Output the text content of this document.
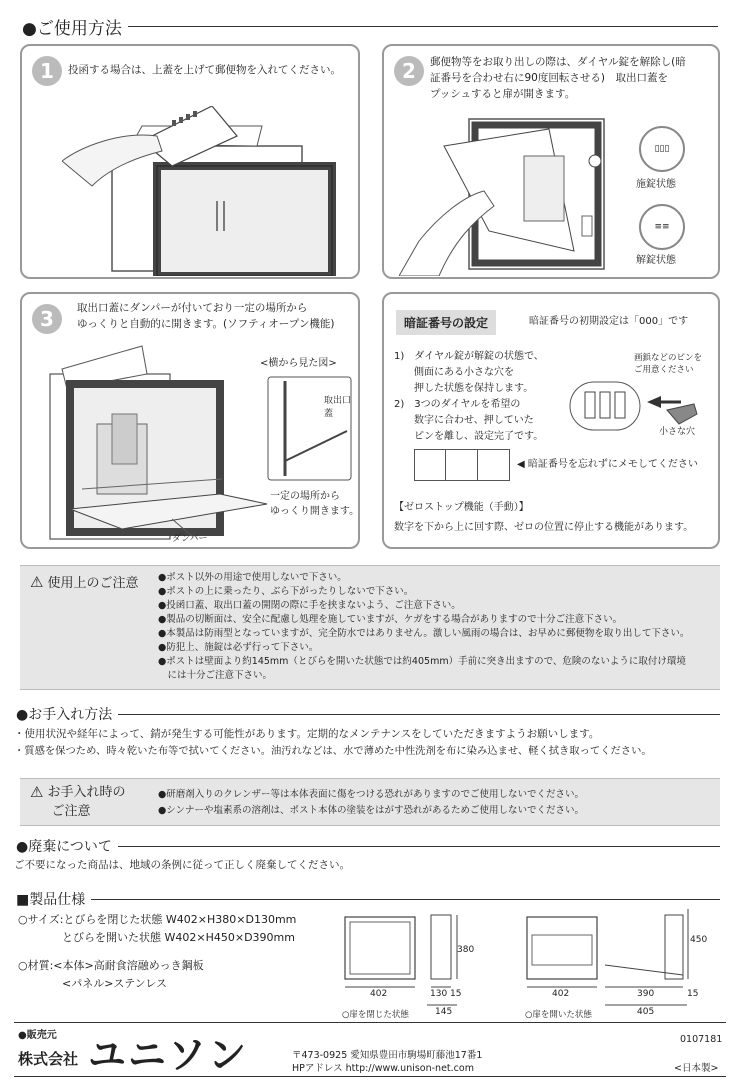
●ご使用方法
1	投函する場合は、上蓋を上げて郵便物を入れてください。	2	郵便物等をお取り出しの際は、ダイヤル錠を解除し(暗
証番号を合わせ右に90度回転させる)　取出口蓋を
プッシュすると扉が開きます。
▯▯▯
施錠状態
≡≡
解錠状態
3	取出口蓋にダンパーが付いており一定の場所から
ゆっくりと自動的に開きます。(ソフティオープン機能)
<横から見た図>
取出口蓋
一定の場所から
ゆっくり開きます。
ダンパー
暗証番号の設定	暗証番号の初期設定は「000」です
1)　ダイヤル錠が解錠の状態で、
　　側面にある小さな穴を
　　押した状態を保持します。
2)　3つのダイヤルを希望の
　　数字に合わせ、押していた
　　ピンを離し、設定完了です。
画鋲などのピンを
ご用意ください
小さな穴
◀ 暗証番号を忘れずにメモしてください
【ゼロストップ機能（手動）】
数字を下から上に回す際、ゼロの位置に停止する機能があります。
⚠ 使用上のご注意 ●ポスト以外の用途で使用しないで下さい。
●ポストの上に乗ったり、ぶら下がったりしないで下さい。
●投函口蓋、取出口蓋の開閉の際に手を挟まないよう、ご注意下さい。
●製品の切断面は、安全に配慮し処理を施していますが、ケガをする場合がありますので十分ご注意下さい。
●本製品は防雨型となっていますが、完全防水ではありません。激しい風雨の場合は、お早めに郵便物を取り出して下さい。
●防犯上、施錠は必ず行って下さい。
●ポストは壁面より約145mm（とびらを開いた状態では約405mm）手前に突き出ますので、危険のないように取付け環境
　には十分ご注意下さい。
●お手入れ方法
・使用状況や経年によって、錆が発生する可能性があります。定期的なメンテナンスをしていただきますようお願いします。
・質感を保つため、時々乾いた布等で拭いてください。油汚れなどは、水で薄めた中性洗剤を布に染み込ませ、軽く拭き取ってください。
⚠ お手入れ時の
ご注意
●研磨剤入りのクレンザー等は本体表面に傷をつける恐れがありますのでご使用しないでください。
●シンナーや塩素系の溶剤は、ポスト本体の塗装をはがす恐れがあるためご使用しないでください。
●廃棄について
ご不要になった商品は、地域の条例に従って正しく廃棄してください。
■製品仕様
○サイズ:とびらを閉じた状態 W402×H380×D130mm
　　　　とびらを開いた状態 W402×H450×D390mm
○材質:<本体>高耐食溶融めっき鋼板
　　　　<パネル>ステンレス
402
380
130 15
145
○扉を閉じた状態
402
450
390	15
405
○扉を開いた状態
●販売元
株式会社 ユニソン	〒473-0925 愛知県豊田市駒場町藤池17番1
HPアドレス http://www.unison-net.com
0107181
<日本製>
